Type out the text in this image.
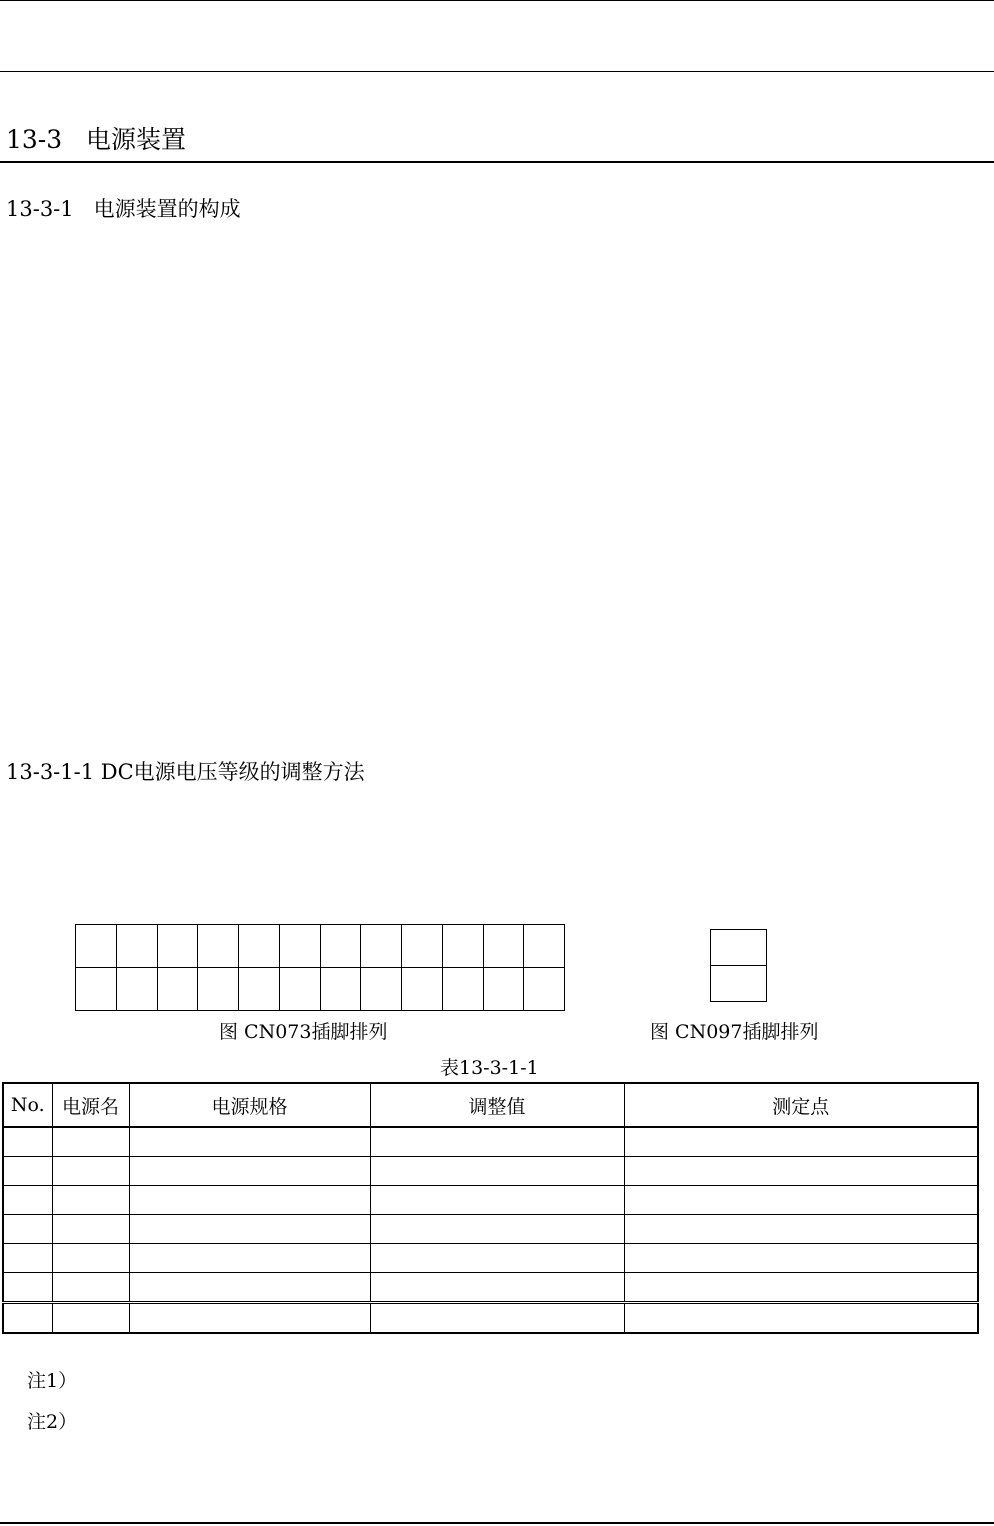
13-3   电源装置
13-3-1   电源装置的构成
13-3-1-1 DC电源电压等级的调整方法

图 CN073插脚排列	图 CN097插脚排列
表13-3-1-1
No.	电源名	电源规格	调整值	测定点

注1）
注2）
